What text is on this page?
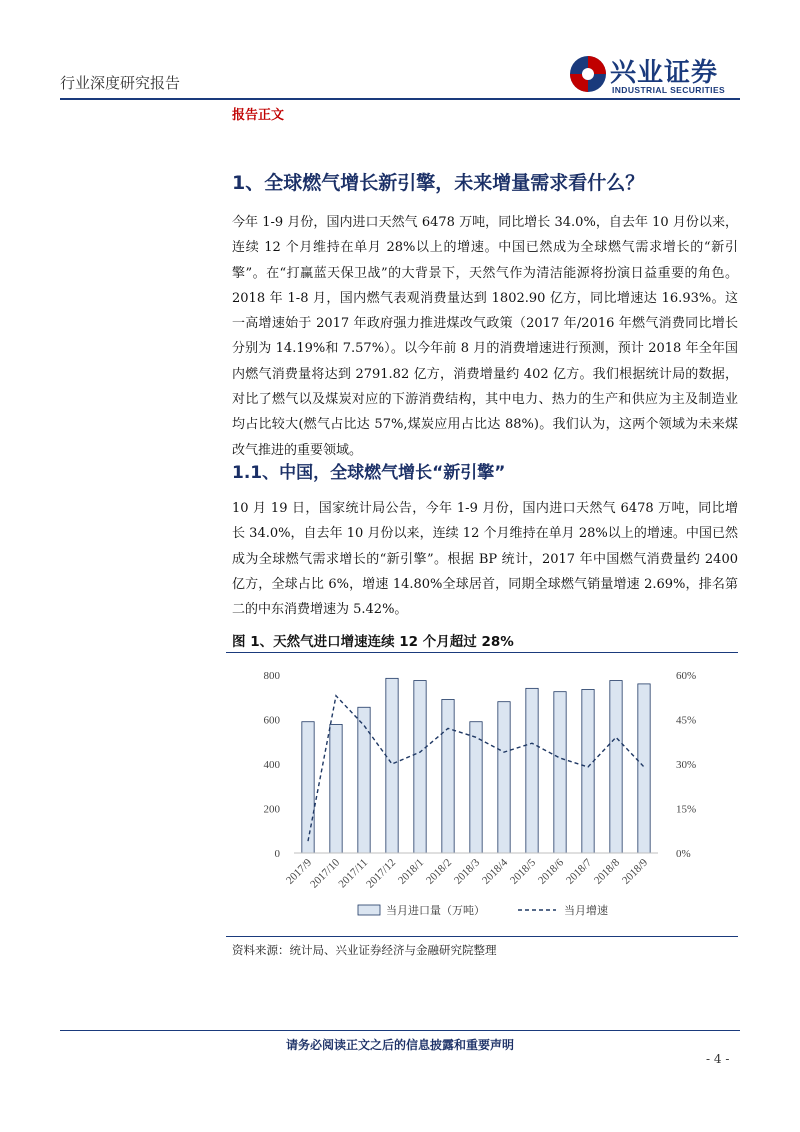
行业深度研究报告	兴业证券
INDUSTRIAL SECURITIES
报告正文
1、全球燃气增长新引擎，未来增量需求看什么？
今年 1-9 月份，国内进口天然气 6478 万吨，同比增长 34.0%，自去年 10 月份以来，连续 12 个月维持在单月 28%以上的增速。中国已然成为全球燃气需求增长的“新引擎”。在“打赢蓝天保卫战”的大背景下，天然气作为清洁能源将扮演日益重要的角色。2018 年 1-8 月，国内燃气表观消费量达到 1802.90 亿方，同比增速达 16.93%。这一高增速始于 2017 年政府强力推进煤改气政策（2017 年/2016 年燃气消费同比增长分别为 14.19%和 7.57%）。以今年前 8 月的消费增速进行预测，预计 2018 年全年国内燃气消费量将达到 2791.82 亿方，消费增量约 402 亿方。我们根据统计局的数据，对比了燃气以及煤炭对应的下游消费结构，其中电力、热力的生产和供应为主及制造业均占比较大(燃气占比达 57%,煤炭应用占比达 88%)。我们认为，这两个领域为未来煤改气推进的重要领域。
1.1、中国，全球燃气增长“新引擎”
10 月 19 日，国家统计局公告，今年 1-9 月份，国内进口天然气 6478 万吨，同比增长 34.0%，自去年 10 月份以来，连续 12 个月维持在单月 28%以上的增速。中国已然成为全球燃气需求增长的“新引擎”。根据 BP 统计，2017 年中国燃气消费量约 2400 亿方，全球占比 6%，增速 14.80%全球居首，同期全球燃气销量增速 2.69%，排名第二的中东消费增速为 5.42%。
图 1、天然气进口增速连续 12 个月超过 28%
0
200
400
600
800
0%
15%
30%
45%
60%
2017/9
2017/10
2017/11
2017/12
2018/1
2018/2
2018/3
2018/4
2018/5
2018/6
2018/7
2018/8
2018/9
当月进口量（万吨）	当月增速
资料来源：统计局、兴业证券经济与金融研究院整理
请务必阅读正文之后的信息披露和重要声明
- 4 -
